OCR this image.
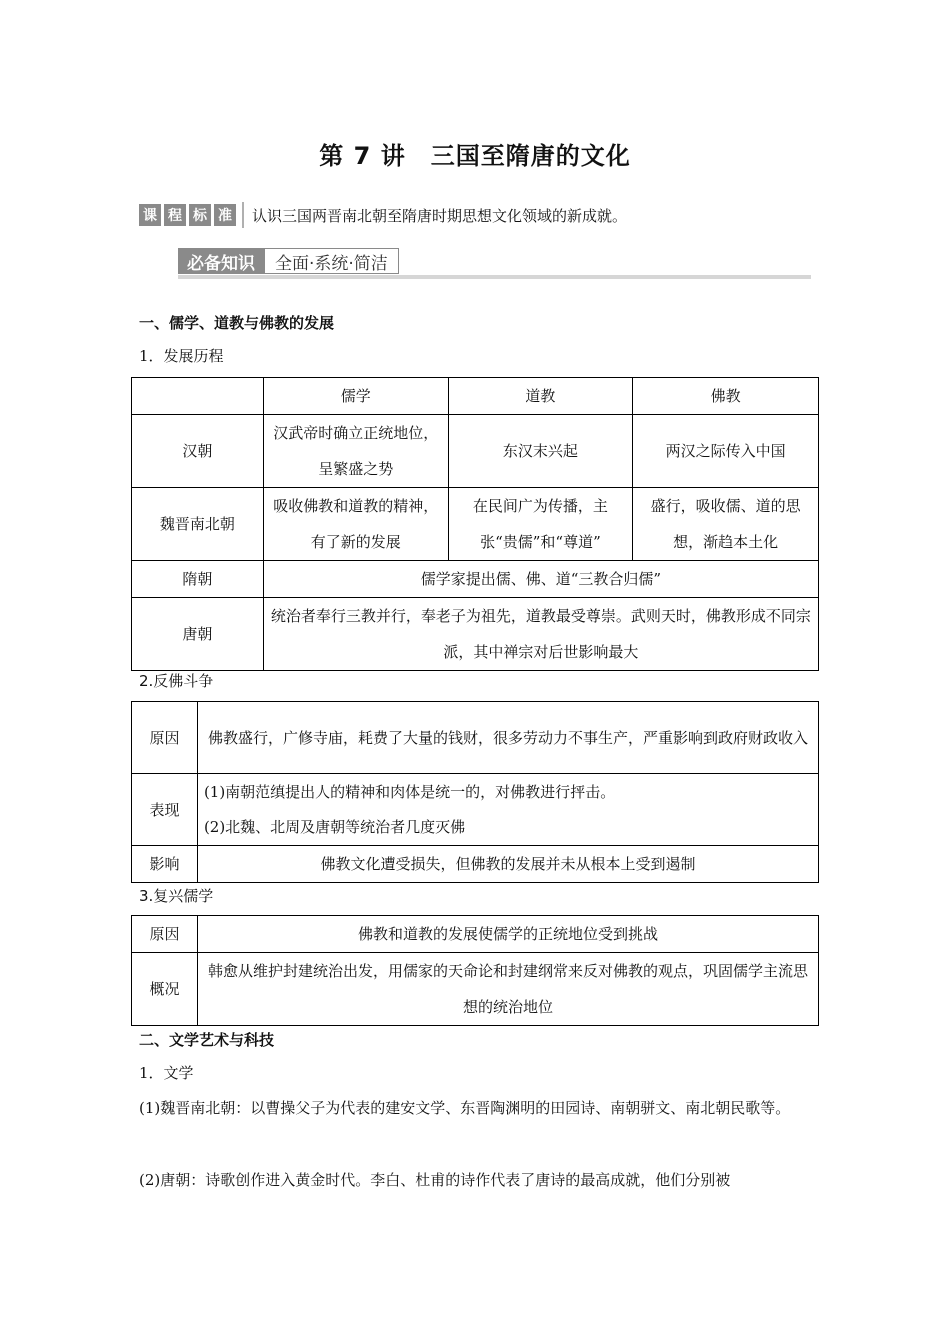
第 7 讲　三国至隋唐的文化
课 程 标 准 认识三国两晋南北朝至隋唐时期思想文化领域的新成就。
必备知识	全面·系统·简洁
一、儒学、道教与佛教的发展
1．发展历程
	儒学	道教	佛教
汉朝	汉武帝时确立正统地位，呈繁盛之势	东汉末兴起	两汉之际传入中国
魏晋南北朝	吸收佛教和道教的精神，有了新的发展	在民间广为传播，主张“贵儒”和“尊道”	盛行，吸收儒、道的思想，渐趋本土化
隋朝	儒学家提出儒、佛、道“三教合归儒”		
唐朝	统治者奉行三教并行，奉老子为祖先，道教最受尊崇。武则天时，佛教形成不同宗派，其中禅宗对后世影响最大		
2.反佛斗争
原因	佛教盛行，广修寺庙，耗费了大量的钱财，很多劳动力不事生产，严重影响到政府财政收入
表现	(1)南朝范缜提出人的精神和肉体是统一的，对佛教进行抨击。
(2)北魏、北周及唐朝等统治者几度灭佛

影响	佛教文化遭受损失，但佛教的发展并未从根本上受到遏制
3.复兴儒学
原因	佛教和道教的发展使儒学的正统地位受到挑战
概况	韩愈从维护封建统治出发，用儒家的天命论和封建纲常来反对佛教的观点，巩固儒学主流思想的统治地位
二、文学艺术与科技
1．文学
(1)魏晋南北朝：以曹操父子为代表的建安文学、东晋陶渊明的田园诗、南朝骈文、南北朝民歌等。
(2)唐朝：诗歌创作进入黄金时代。李白、杜甫的诗作代表了唐诗的最高成就，他们分别被
